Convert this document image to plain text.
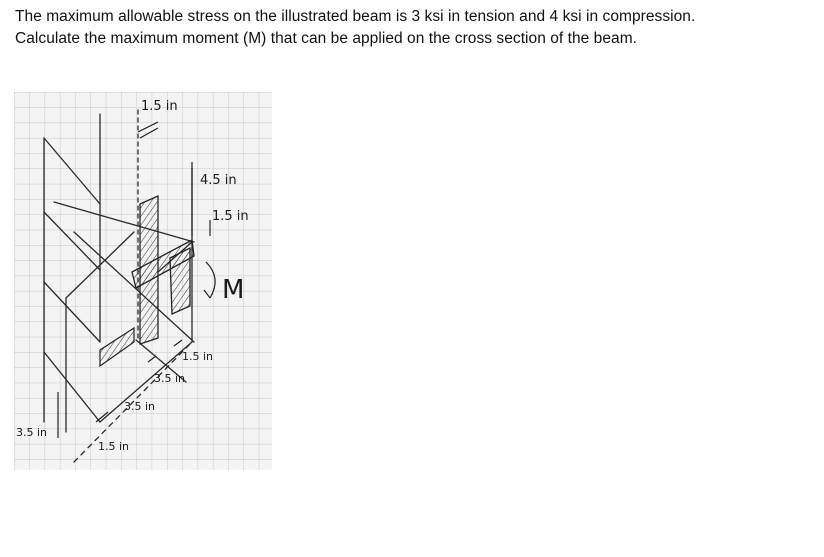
The maximum allowable stress on the illustrated beam is 3 ksi in tension and 4 ksi in compression. Calculate the maximum moment (M) that can be applied on the cross section of the beam.
1.5 in
4.5 in
1.5 in
M
1.5 in
3.5 in
3.5 in
3.5 in
1.5 in
